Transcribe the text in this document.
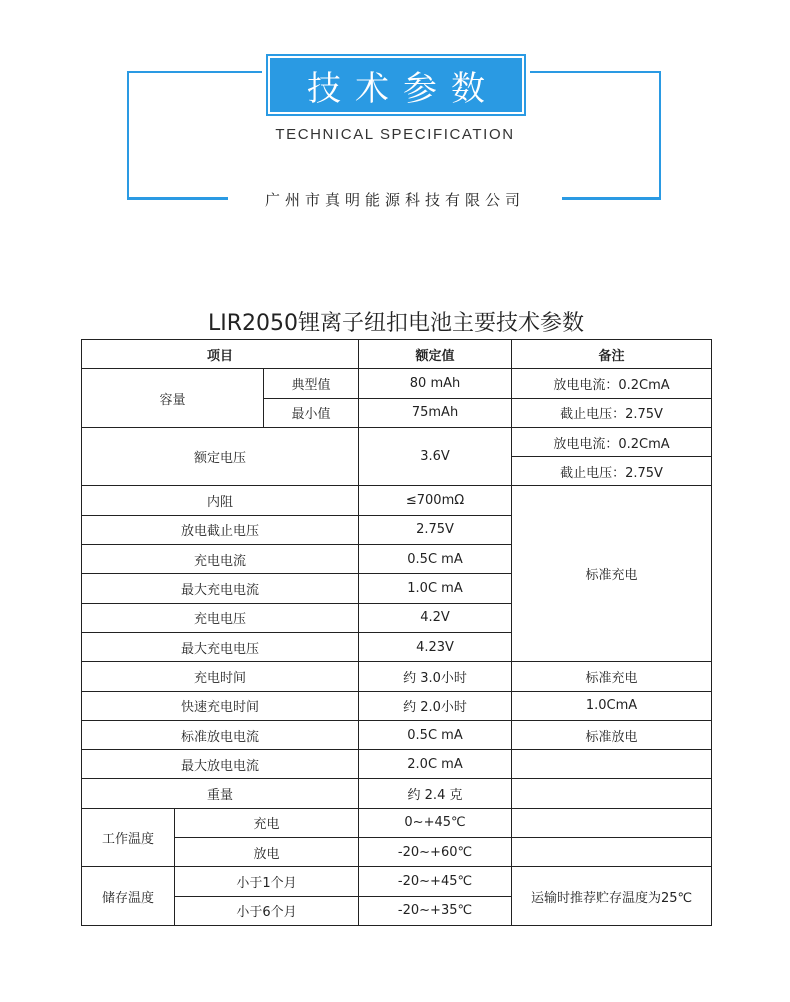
技术参数
TECHNICAL SPECIFICATION
广州市真明能源科技有限公司
LIR2050锂离子纽扣电池主要技术参数
项目			额定值	备注
容量		典型值	80 mAh	放电电流：0.2CmA
		最小值	75mAh	截止电压：2.75V
额定电压			3.6V	放电电流：0.2CmA
				截止电压：2.75V
内阻			≤700mΩ	标准充电
放电截止电压			2.75V	
充电电流			0.5C mA	
最大充电电流			1.0C mA	
充电电压			4.2V	
最大充电电压			4.23V	
充电时间			约 3.0小时	标准充电
快速充电时间			约 2.0小时	1.0CmA
标准放电电流			0.5C mA	标准放电
最大放电电流			2.0C mA	
重量			约 2.4 克	
工作温度	充电		0~+45℃	
	放电		-20~+60℃	
储存温度	小于1个月		-20~+45℃	运输时推荐贮存温度为25℃
	小于6个月		-20~+35℃	
